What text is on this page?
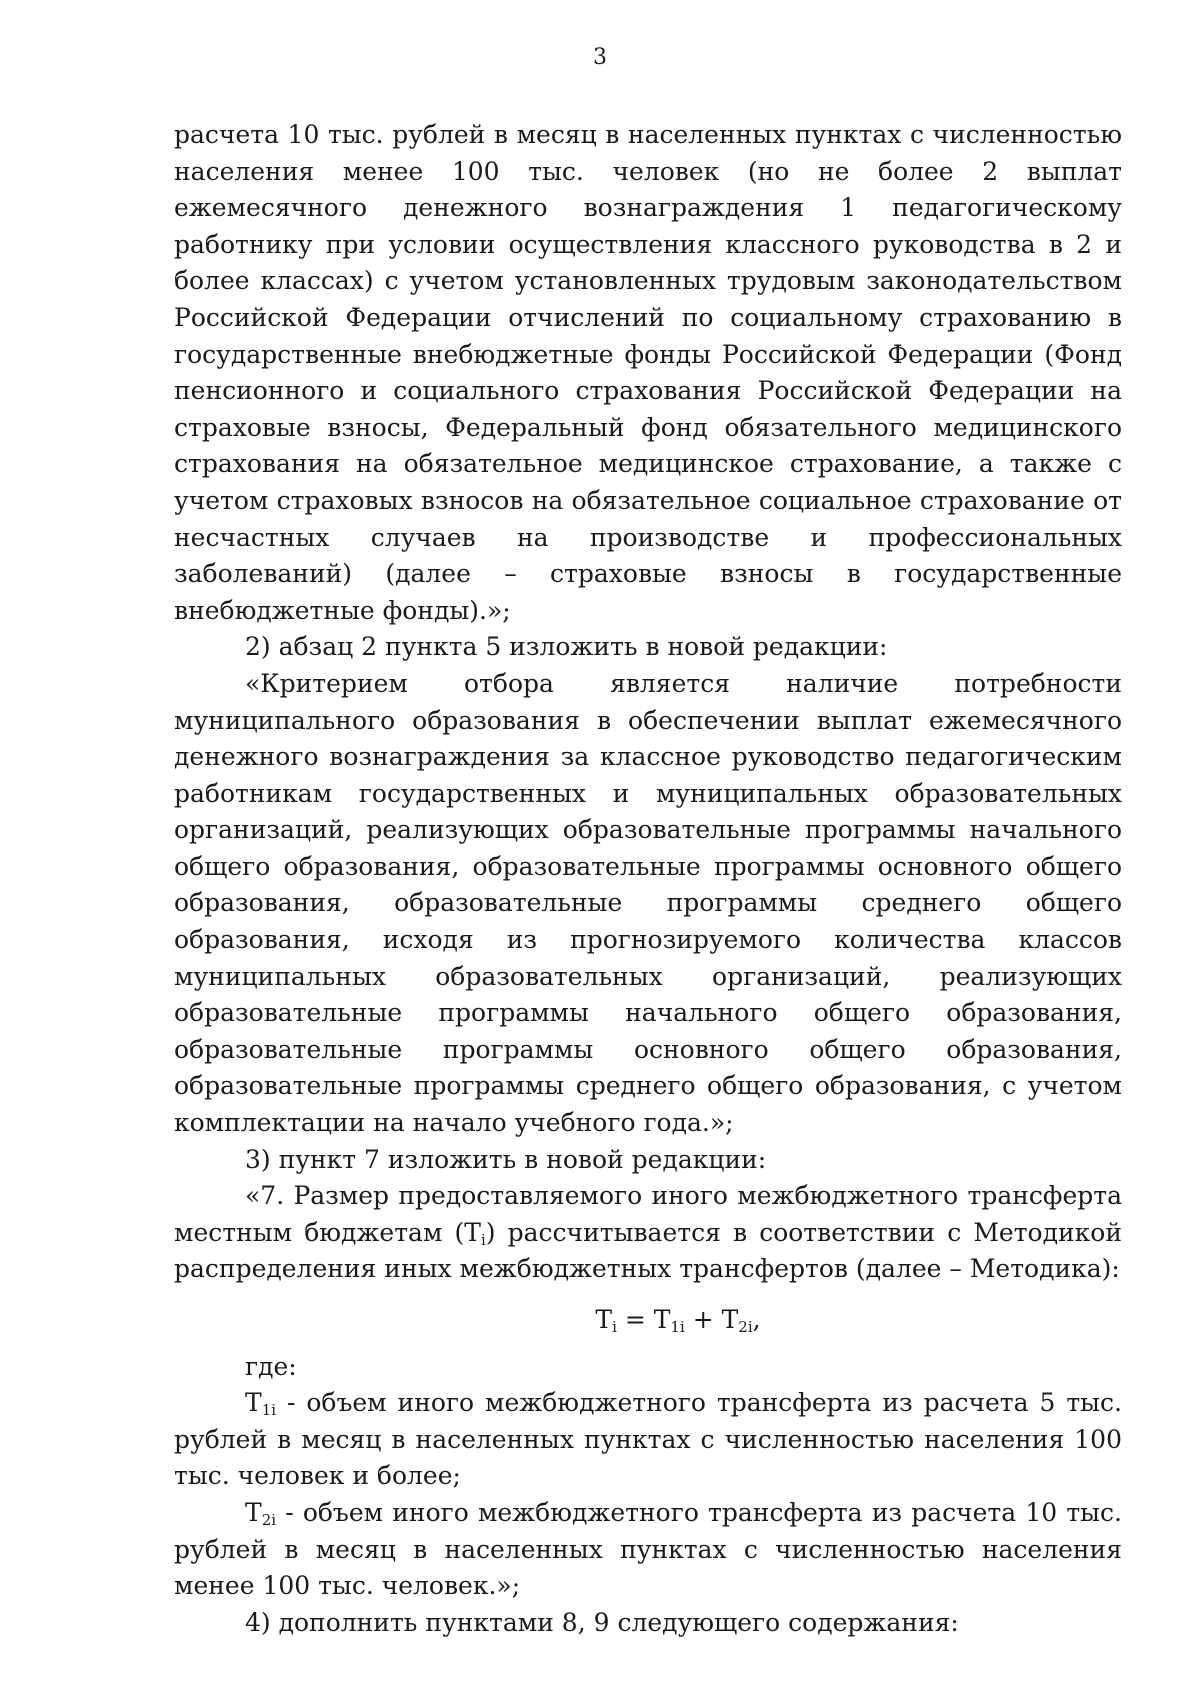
3

расчета 10 тыс. рублей в месяц в населенных пунктах с численностью населения менее 100 тыс. человек (но не более 2 выплат ежемесячного денежного вознаграждения 1 педагогическому работнику при условии осуществления классного руководства в 2 и более классах) с учетом установленных трудовым законодательством Российской Федерации отчислений по социальному страхованию в государственные внебюджетные фонды Российской Федерации (Фонд пенсионного и социального страхования Российской Федерации на страховые взносы, Федеральный фонд обязательного медицинского страхования на обязательное медицинское страхование, а также с учетом страховых взносов на обязательное социальное страхование от несчастных случаев на производстве и профессиональных заболеваний) (далее – страховые взносы в государственные внебюджетные фонды).»;

2) абзац 2 пункта 5 изложить в новой редакции:

«Критерием отбора является наличие потребности муниципального образования в обеспечении выплат ежемесячного денежного вознаграждения за классное руководство педагогическим работникам государственных и муниципальных образовательных организаций, реализующих образовательные программы начального общего образования, образовательные программы основного общего образования, образовательные программы среднего общего образования, исходя из прогнозируемого количества классов муниципальных образовательных организаций, реализующих образовательные программы начального общего образования, образовательные программы основного общего образования, образовательные программы среднего общего образования, с учетом комплектации на начало учебного года.»;

3) пункт 7 изложить в новой редакции:

«7. Размер предоставляемого иного межбюджетного трансферта местным бюджетам $(T_i)$ рассчитывается в соответствии с Методикой распределения иных межбюджетных трансфертов (далее – Методика):

$T_i = T_{1i} + T_{2i}$,

где:

$T_{1i}$ - объем иного межбюджетного трансферта из расчета 5 тыс. рублей в месяц в населенных пунктах с численностью населения 100 тыс. человек и более;

$T_{2i}$ - объем иного межбюджетного трансферта из расчета 10 тыс. рублей в месяц в населенных пунктах с численностью населения менее 100 тыс. человек.»;

4) дополнить пунктами 8, 9 следующего содержания:
